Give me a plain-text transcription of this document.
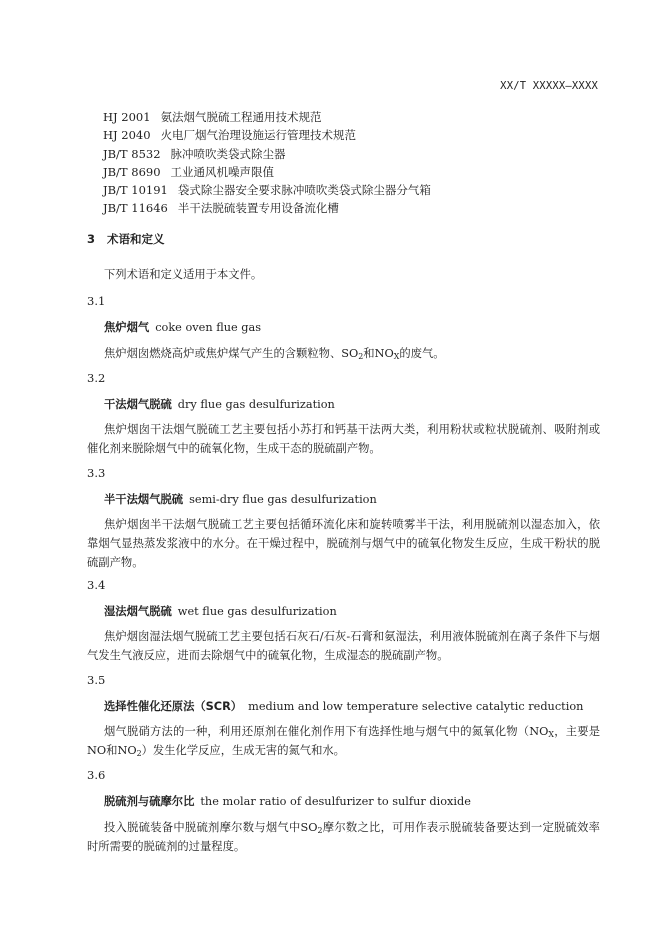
XX/T XXXXX—XXXX
HJ 2001 氨法烟气脱硫工程通用技术规范
HJ 2040 火电厂烟气治理设施运行管理技术规范
JB/T 8532 脉冲喷吹类袋式除尘器
JB/T 8690 工业通风机噪声限值
JB/T 10191 袋式除尘器安全要求脉冲喷吹类袋式除尘器分气箱
JB/T 11646 半干法脱硫装置专用设备流化槽
3 术语和定义
下列术语和定义适用于本文件。
3.1
焦炉烟气 coke oven flue gas
焦炉烟囱燃烧高炉或焦炉煤气产生的含颗粒物、$SO_2$和$NO_X$的废气。
3.2
干法烟气脱硫 dry flue gas desulfurization
焦炉烟囱干法烟气脱硫工艺主要包括小苏打和钙基干法两大类，利用粉状或粒状脱硫剂、吸附剂或催化剂来脱除烟气中的硫氧化物，生成干态的脱硫副产物。
3.3
半干法烟气脱硫 semi-dry flue gas desulfurization
焦炉烟囱半干法烟气脱硫工艺主要包括循环流化床和旋转喷雾半干法，利用脱硫剂以湿态加入，依靠烟气显热蒸发浆液中的水分。在干燥过程中，脱硫剂与烟气中的硫氧化物发生反应，生成干粉状的脱硫副产物。
3.4
湿法烟气脱硫 wet flue gas desulfurization
焦炉烟囱湿法烟气脱硫工艺主要包括石灰石/石灰-石膏和氨湿法，利用液体脱硫剂在离子条件下与烟气发生气液反应，进而去除烟气中的硫氧化物，生成湿态的脱硫副产物。
3.5
选择性催化还原法（SCR） medium and low temperature selective catalytic reduction
烟气脱硝方法的一种，利用还原剂在催化剂作用下有选择性地与烟气中的氮氧化物（$NO_X$，主要是NO和$NO_2$）发生化学反应，生成无害的氮气和水。
3.6
脱硫剂与硫摩尔比 the molar ratio of desulfurizer to sulfur dioxide
投入脱硫装备中脱硫剂摩尔数与烟气中$SO_2$摩尔数之比，可用作表示脱硫装备要达到一定脱硫效率时所需要的脱硫剂的过量程度。
